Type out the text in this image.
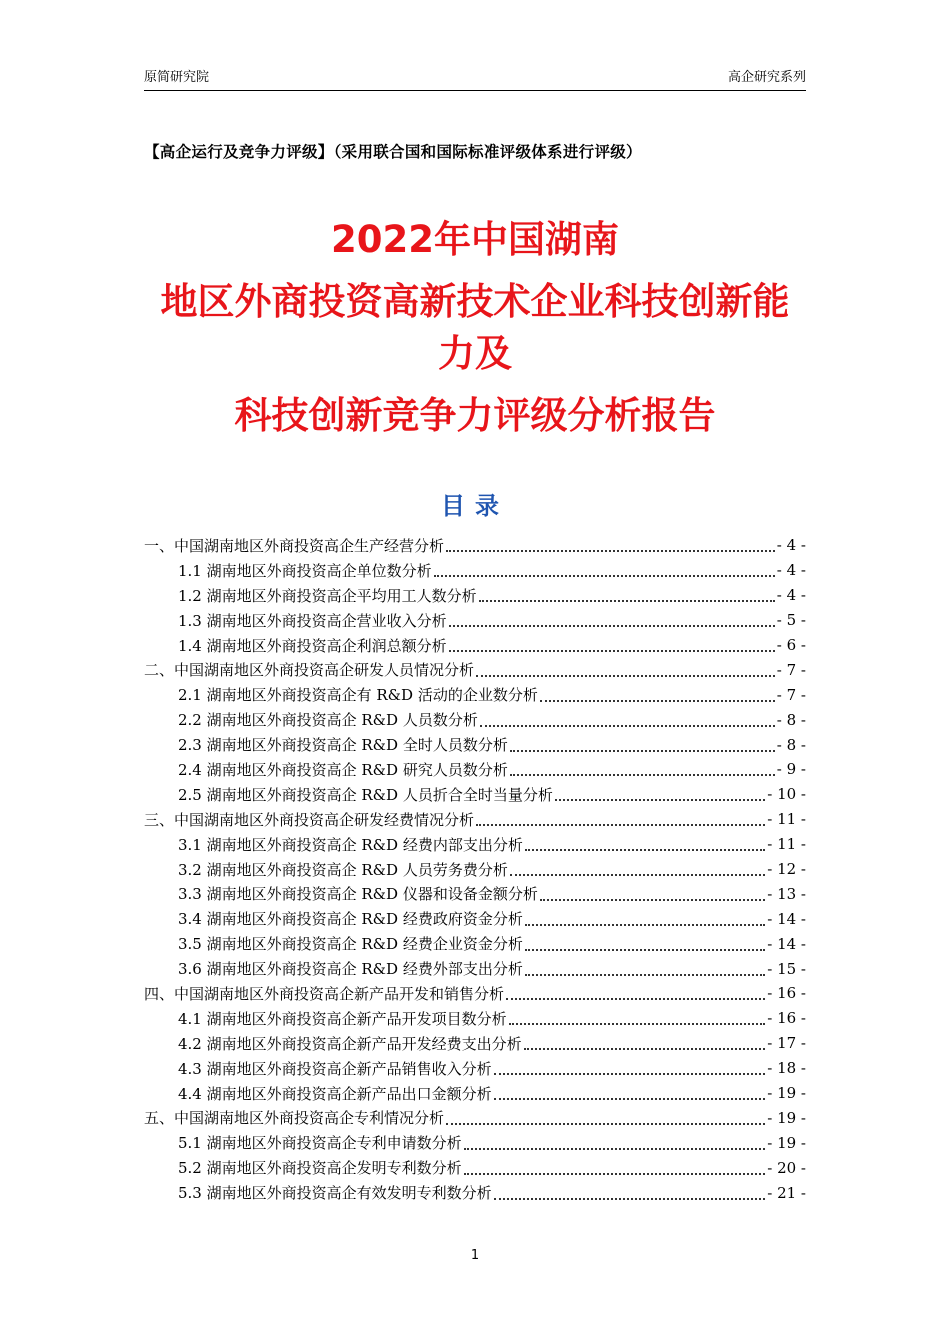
原简研究院	高企研究系列
【高企运行及竞争力评级】（采用联合国和国际标准评级体系进行评级）
2022年中国湖南
地区外商投资高新技术企业科技创新能
力及
科技创新竞争力评级分析报告
目录
一、中国湖南地区外商投资高企生产经营分析	- 4 -
1.1 湖南地区外商投资高企单位数分析	- 4 -
1.2 湖南地区外商投资高企平均用工人数分析	- 4 -
1.3 湖南地区外商投资高企营业收入分析	- 5 -
1.4 湖南地区外商投资高企利润总额分析	- 6 -
二、中国湖南地区外商投资高企研发人员情况分析	- 7 -
2.1 湖南地区外商投资高企有 R&D 活动的企业数分析	- 7 -
2.2 湖南地区外商投资高企 R&D 人员数分析	- 8 -
2.3 湖南地区外商投资高企 R&D 全时人员数分析	- 8 -
2.4 湖南地区外商投资高企 R&D 研究人员数分析	- 9 -
2.5 湖南地区外商投资高企 R&D 人员折合全时当量分析	- 10 -
三、中国湖南地区外商投资高企研发经费情况分析	- 11 -
3.1 湖南地区外商投资高企 R&D 经费内部支出分析	- 11 -
3.2 湖南地区外商投资高企 R&D 人员劳务费分析	- 12 -
3.3 湖南地区外商投资高企 R&D 仪器和设备金额分析	- 13 -
3.4 湖南地区外商投资高企 R&D 经费政府资金分析	- 14 -
3.5 湖南地区外商投资高企 R&D 经费企业资金分析	- 14 -
3.6 湖南地区外商投资高企 R&D 经费外部支出分析	- 15 -
四、中国湖南地区外商投资高企新产品开发和销售分析	- 16 -
4.1 湖南地区外商投资高企新产品开发项目数分析	- 16 -
4.2 湖南地区外商投资高企新产品开发经费支出分析	- 17 -
4.3 湖南地区外商投资高企新产品销售收入分析	- 18 -
4.4 湖南地区外商投资高企新产品出口金额分析	- 19 -
五、中国湖南地区外商投资高企专利情况分析	- 19 -
5.1 湖南地区外商投资高企专利申请数分析	- 19 -
5.2 湖南地区外商投资高企发明专利数分析	- 20 -
5.3 湖南地区外商投资高企有效发明专利数分析	- 21 -
1
